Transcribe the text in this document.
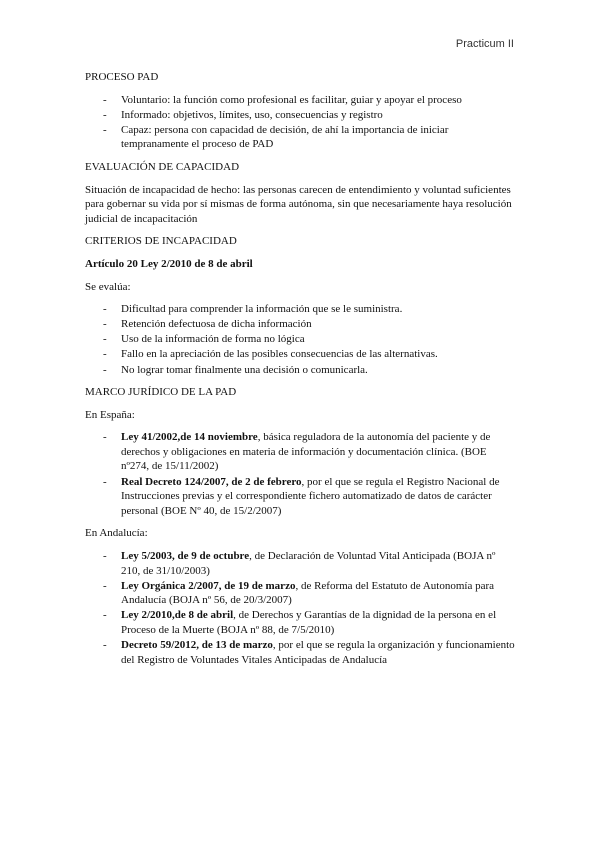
Practicum II
PROCESO PAD
- Voluntario: la función como profesional es facilitar, guiar y apoyar el proceso
- Informado: objetivos, límites, uso, consecuencias y registro
- Capaz: persona con capacidad de decisión, de ahí la importancia de iniciar tempranamente el proceso de PAD
EVALUACIÓN DE CAPACIDAD
Situación de incapacidad de hecho: las personas carecen de entendimiento y voluntad suficientes para gobernar su vida por sí mismas de forma autónoma, sin que necesariamente haya resolución judicial de incapacitación
CRITERIOS DE INCAPACIDAD
Artículo 20 Ley 2/2010 de 8 de abril
Se evalúa:
- Dificultad para comprender la información que se le suministra.
- Retención defectuosa de dicha información
- Uso de la información de forma no lógica
- Fallo en la apreciación de las posibles consecuencias de las alternativas.
- No lograr tomar finalmente una decisión o comunicarla.
MARCO JURÍDICO DE LA PAD
En España:
- Ley 41/2002,de 14 noviembre, básica reguladora de la autonomía del paciente y de derechos y obligaciones en materia de información y documentación clínica. (BOE nº274, de 15/11/2002)
- Real Decreto 124/2007, de 2 de febrero, por el que se regula el Registro Nacional de Instrucciones previas y el correspondiente fichero automatizado de datos de carácter personal (BOE Nº 40, de 15/2/2007)
En Andalucía:
- Ley 5/2003, de 9 de octubre, de Declaración de Voluntad Vital Anticipada (BOJA nº 210, de 31/10/2003)
- Ley Orgánica 2/2007, de 19 de marzo, de Reforma del Estatuto de Autonomía para Andalucía (BOJA nº 56, de 20/3/2007)
- Ley 2/2010,de 8 de abril, de Derechos y Garantías de la dignidad de la persona en el Proceso de la Muerte (BOJA nº 88, de 7/5/2010)
- Decreto 59/2012, de 13 de marzo, por el que se regula la organización y funcionamiento del Registro de Voluntades Vitales Anticipadas de Andalucía
